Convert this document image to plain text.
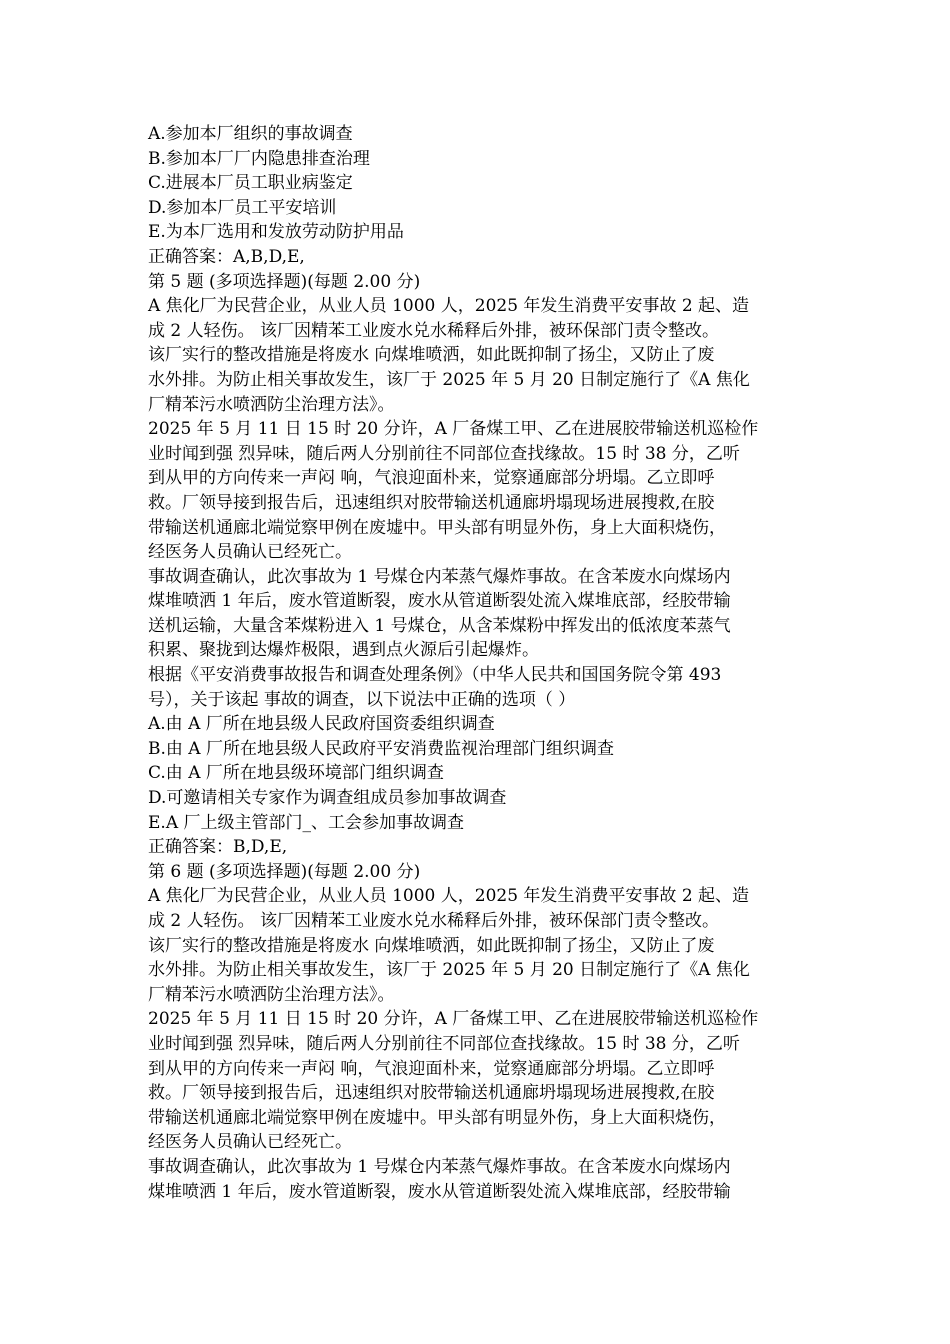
A.参加本厂组织的事故调查
B.参加本厂厂内隐患排查治理
C.进展本厂员工职业病鉴定
D.参加本厂员工平安培训
E.为本厂选用和发放劳动防护用品
正确答案：A,B,D,E,
第 5 题 (多项选择题)(每题 2.00 分)
A 焦化厂为民营企业，从业人员 1000 人，2025 年发生消费平安事故 2 起、造
成 2 人轻伤。 该厂因精苯工业废水兑水稀释后外排，被环保部门责令整改。
该厂实行的整改措施是将废水 向煤堆喷洒，如此既抑制了扬尘，又防止了废
水外排。为防止相关事故发生，该厂于 2025 年 5 月 20 日制定施行了《A 焦化
厂精苯污水喷洒防尘治理方法》。
2025 年 5 月 11 日 15 时 20 分许，A 厂备煤工甲、乙在进展胶带输送机巡检作
业时闻到强 烈异味，随后两人分别前往不同部位查找缘故。15 时 38 分，乙听
到从甲的方向传来一声闷 响，气浪迎面朴来，觉察通廊部分坍塌。乙立即呼
救。厂领导接到报告后，迅速组织对胶带输送机通廊坍塌现场进展搜救,在胶
带输送机通廊北端觉察甲例在废墟中。甲头部有明显外伤，身上大面积烧伤，
经医务人员确认已经死亡。
事故调查确认，此次事故为 1 号煤仓内苯蒸气爆炸事故。在含苯废水向煤场内
煤堆喷洒 1 年后，废水管道断裂，废水从管道断裂处流入煤堆底部，经胶带输
送机运输，大量含苯煤粉进入 1 号煤仓，从含苯煤粉中挥发出的低浓度苯蒸气
积累、聚拢到达爆炸极限，遇到点火源后引起爆炸。
根据《平安消费事故报告和调查处理条例》（中华人民共和国国务院令第 493
号），关于该起 事故的调查，以下说法中正确的选项（ ）
A.由 A 厂所在地县级人民政府国资委组织调查
B.由 A 厂所在地县级人民政府平安消费监视治理部门组织调查
C.由 A 厂所在地县级环境部门组织调查
D.可邀请相关专家作为调查组成员参加事故调查
E.A 厂上级主管部门_、工会参加事故调查
正确答案：B,D,E,
第 6 题 (多项选择题)(每题 2.00 分)
A 焦化厂为民营企业，从业人员 1000 人，2025 年发生消费平安事故 2 起、造
成 2 人轻伤。 该厂因精苯工业废水兑水稀释后外排，被环保部门责令整改。
该厂实行的整改措施是将废水 向煤堆喷洒，如此既抑制了扬尘，又防止了废
水外排。为防止相关事故发生，该厂于 2025 年 5 月 20 日制定施行了《A 焦化
厂精苯污水喷洒防尘治理方法》。
2025 年 5 月 11 日 15 时 20 分许，A 厂备煤工甲、乙在进展胶带输送机巡检作
业时闻到强 烈异味，随后两人分别前往不同部位查找缘故。15 时 38 分，乙听
到从甲的方向传来一声闷 响，气浪迎面朴来，觉察通廊部分坍塌。乙立即呼
救。厂领导接到报告后，迅速组织对胶带输送机通廊坍塌现场进展搜救,在胶
带输送机通廊北端觉察甲例在废墟中。甲头部有明显外伤，身上大面积烧伤，
经医务人员确认已经死亡。
事故调查确认，此次事故为 1 号煤仓内苯蒸气爆炸事故。在含苯废水向煤场内
煤堆喷洒 1 年后，废水管道断裂，废水从管道断裂处流入煤堆底部，经胶带输
